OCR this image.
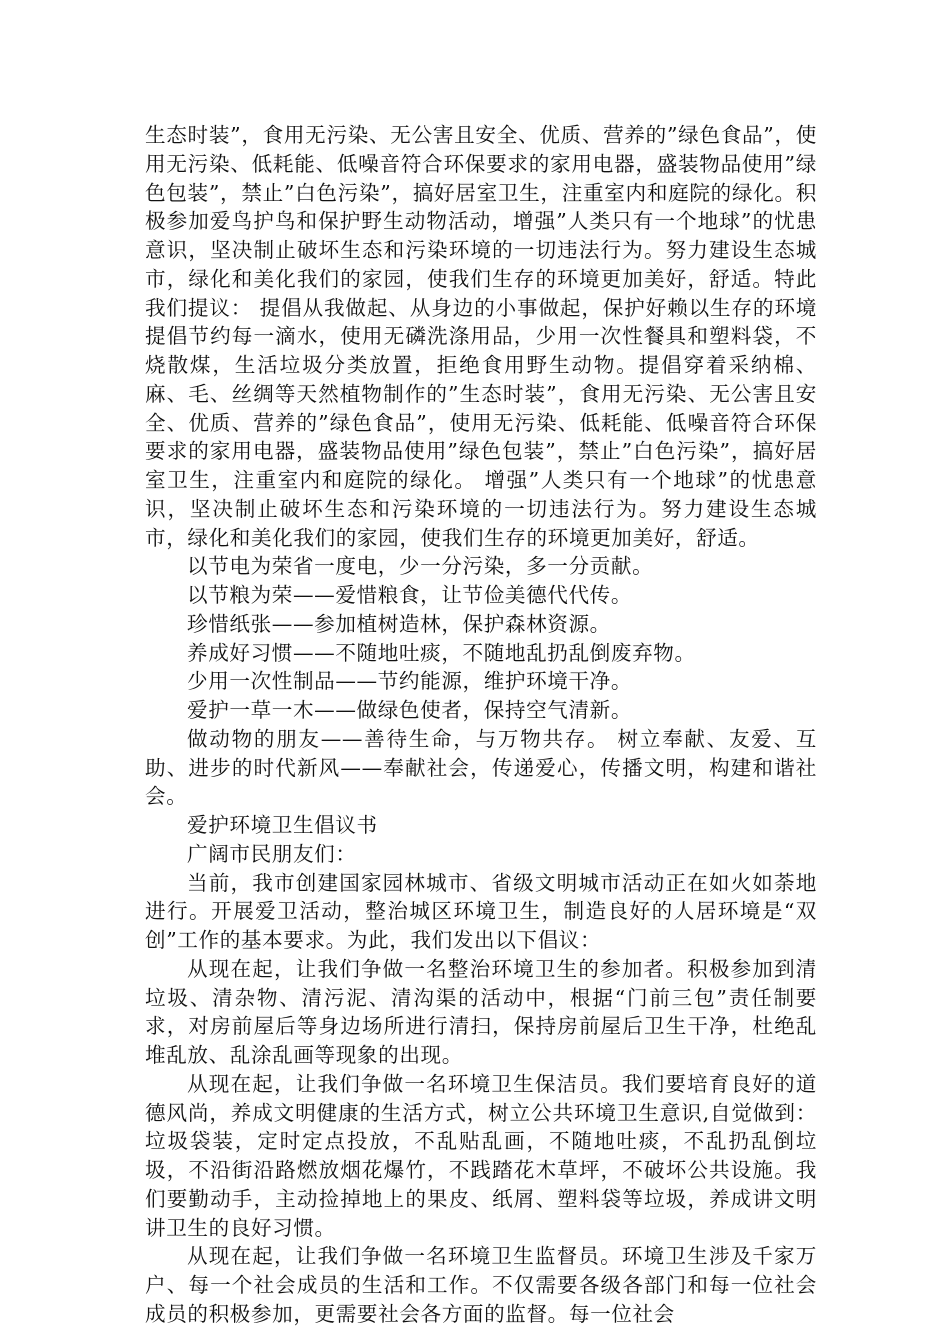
生态时装”，食用无污染、无公害且安全、优质、营养的”绿色食品”，使用无污染、低耗能、低噪音符合环保要求的家用电器，盛装物品使用”绿色包装”，禁止”白色污染”，搞好居室卫生，注重室内和庭院的绿化。积极参加爱鸟护鸟和保护野生动物活动，增强”人类只有一个地球”的忧患意识，坚决制止破坏生态和污染环境的一切违法行为。努力建设生态城市，绿化和美化我们的家园，使我们生存的环境更加美好，舒适。特此我们提议： 提倡从我做起、从身边的小事做起，保护好赖以生存的环境 提倡节约每一滴水，使用无磷洗涤用品，少用一次性餐具和塑料袋，不烧散煤，生活垃圾分类放置，拒绝食用野生动物。提倡穿着采纳棉、麻、毛、丝绸等天然植物制作的”生态时装”，食用无污染、无公害且安全、优质、营养的”绿色食品”，使用无污染、低耗能、低噪音符合环保要求的家用电器，盛装物品使用”绿色包装”，禁止”白色污染”，搞好居室卫生，注重室内和庭院的绿化。 增强”人类只有一个地球”的忧患意识，坚决制止破坏生态和污染环境的一切违法行为。努力建设生态城市，绿化和美化我们的家园，使我们生存的环境更加美好，舒适。

以节电为荣省一度电，少一分污染，多一分贡献。

以节粮为荣——爱惜粮食，让节俭美德代代传。

珍惜纸张——参加植树造林，保护森林资源。

养成好习惯——不随地吐痰，不随地乱扔乱倒废弃物。

少用一次性制品——节约能源，维护环境干净。

爱护一草一木——做绿色使者，保持空气清新。

做动物的朋友——善待生命，与万物共存。 树立奉献、友爱、互助、进步的时代新风——奉献社会，传递爱心，传播文明，构建和谐社会。

爱护环境卫生倡议书

广阔市民朋友们：

当前，我市创建国家园林城市、省级文明城市活动正在如火如荼地进行。开展爱卫活动，整治城区环境卫生，制造良好的人居环境是“双创”工作的基本要求。为此，我们发出以下倡议：

从现在起，让我们争做一名整治环境卫生的参加者。积极参加到清垃圾、清杂物、清污泥、清沟渠的活动中，根据“门前三包”责任制要求，对房前屋后等身边场所进行清扫，保持房前屋后卫生干净，杜绝乱堆乱放、乱涂乱画等现象的出现。

从现在起，让我们争做一名环境卫生保洁员。我们要培育良好的道德风尚，养成文明健康的生活方式，树立公共环境卫生意识,自觉做到：垃圾袋装，定时定点投放，不乱贴乱画，不随地吐痰，不乱扔乱倒垃圾，不沿街沿路燃放烟花爆竹，不践踏花木草坪，不破坏公共设施。我们要勤动手，主动捡掉地上的果皮、纸屑、塑料袋等垃圾，养成讲文明讲卫生的良好习惯。

从现在起，让我们争做一名环境卫生监督员。环境卫生涉及千家万户、每一个社会成员的生活和工作。不仅需要各级各部门和每一位社会成员的积极参加，更需要社会各方面的监督。每一位社会
